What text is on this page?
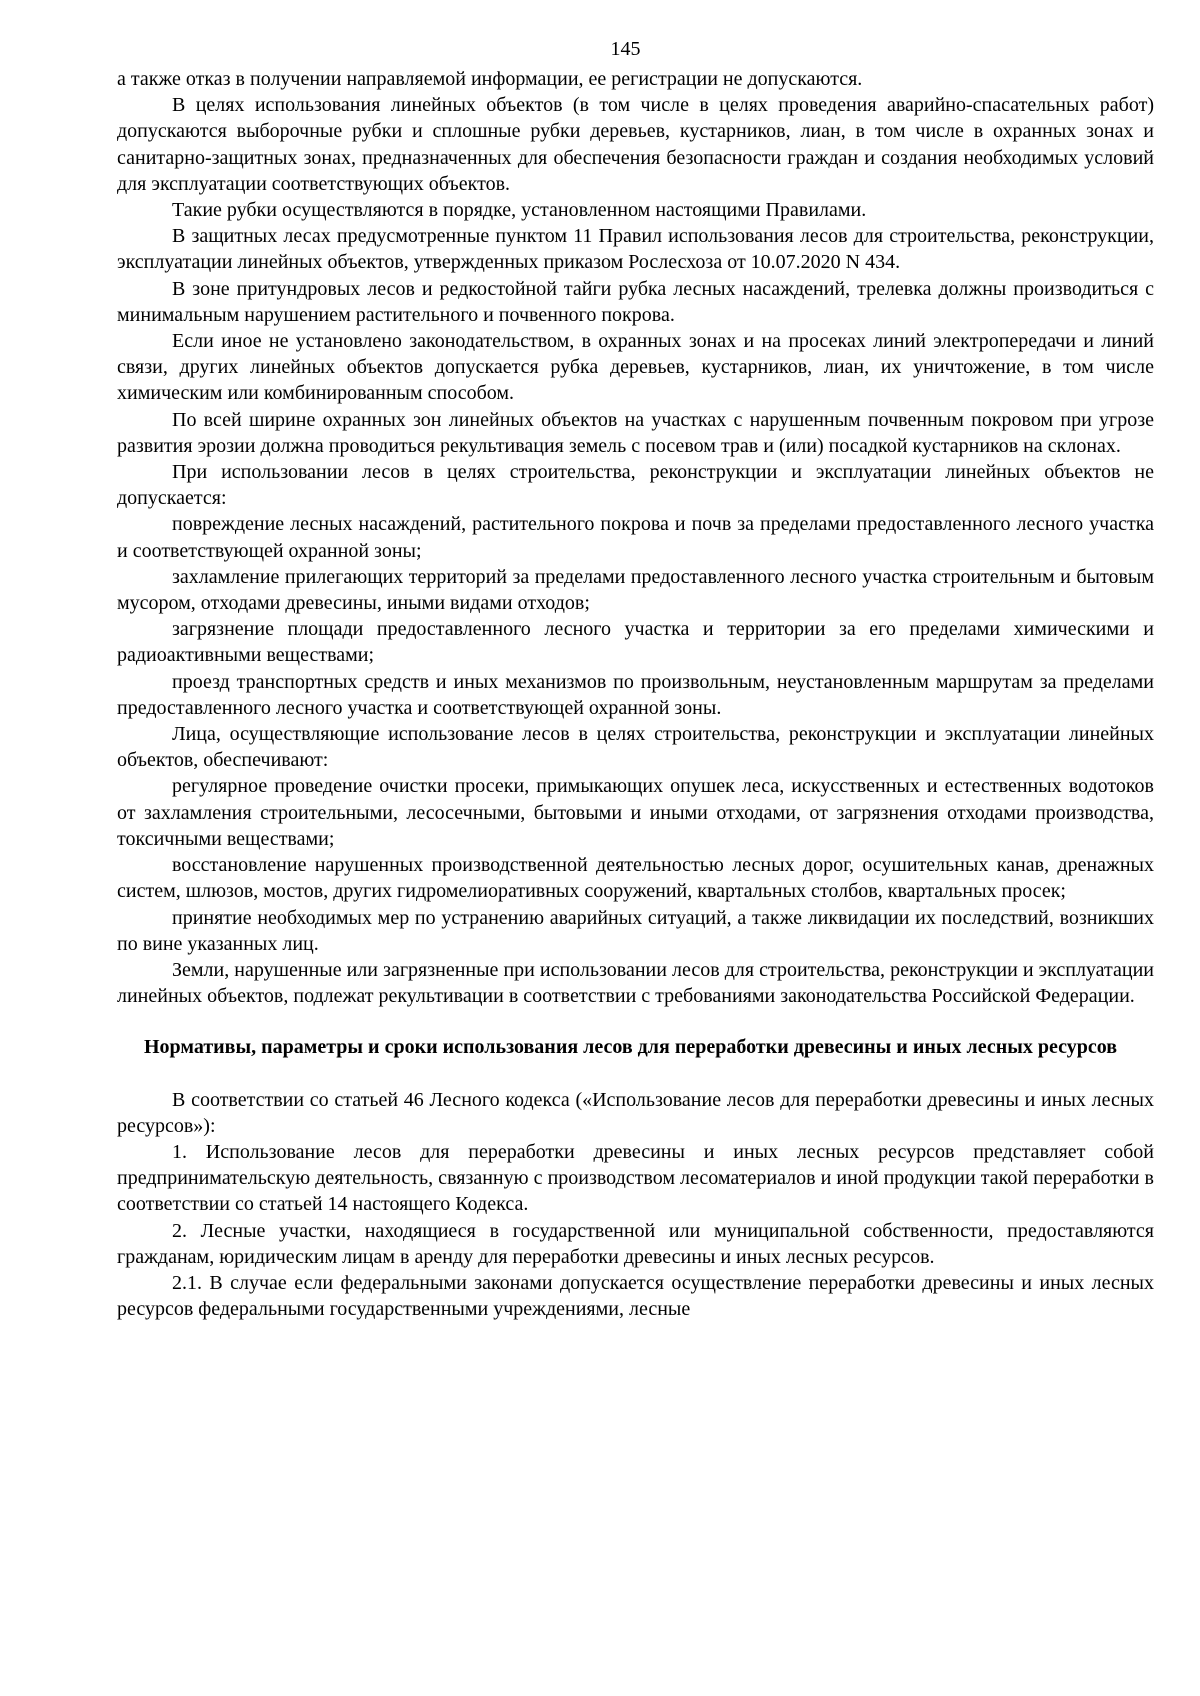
145

а также отказ в получении направляемой информации, ее регистрации не допускаются.

В целях использования линейных объектов (в том числе в целях проведения аварийно-спасательных работ) допускаются выборочные рубки и сплошные рубки деревьев, кустарников, лиан, в том числе в охранных зонах и санитарно-защитных зонах, предназначенных для обеспечения безопасности граждан и создания необходимых условий для эксплуатации соответствующих объектов.

Такие рубки осуществляются в порядке, установленном настоящими Правилами.

В защитных лесах предусмотренные пунктом 11 Правил использования лесов для строительства, реконструкции, эксплуатации линейных объектов, утвержденных приказом Рослесхоза от 10.07.2020 N 434.

В зоне притундровых лесов и редкостойной тайги рубка лесных насаждений, трелевка должны производиться с минимальным нарушением растительного и почвенного покрова.

Если иное не установлено законодательством, в охранных зонах и на просеках линий электропередачи и линий связи, других линейных объектов допускается рубка деревьев, кустарников, лиан, их уничтожение, в том числе химическим или комбинированным способом.

По всей ширине охранных зон линейных объектов на участках с нарушенным почвенным покровом при угрозе развития эрозии должна проводиться рекультивация земель с посевом трав и (или) посадкой кустарников на склонах.

При использовании лесов в целях строительства, реконструкции и эксплуатации линейных объектов не допускается:

повреждение лесных насаждений, растительного покрова и почв за пределами предоставленного лесного участка и соответствующей охранной зоны;

захламление прилегающих территорий за пределами предоставленного лесного участка строительным и бытовым мусором, отходами древесины, иными видами отходов;

загрязнение площади предоставленного лесного участка и территории за его пределами химическими и радиоактивными веществами;

проезд транспортных средств и иных механизмов по произвольным, неустановленным маршрутам за пределами предоставленного лесного участка и соответствующей охранной зоны.

Лица, осуществляющие использование лесов в целях строительства, реконструкции и эксплуатации линейных объектов, обеспечивают:

регулярное проведение очистки просеки, примыкающих опушек леса, искусственных и естественных водотоков от захламления строительными, лесосечными, бытовыми и иными отходами, от загрязнения отходами производства, токсичными веществами;

восстановление нарушенных производственной деятельностью лесных дорог, осушительных канав, дренажных систем, шлюзов, мостов, других гидромелиоративных сооружений, квартальных столбов, квартальных просек;

принятие необходимых мер по устранению аварийных ситуаций, а также ликвидации их последствий, возникших по вине указанных лиц.

Земли, нарушенные или загрязненные при использовании лесов для строительства, реконструкции и эксплуатации линейных объектов, подлежат рекультивации в соответствии с требованиями законодательства Российской Федерации.

Нормативы, параметры и сроки использования лесов для переработки древесины и иных лесных ресурсов

В соответствии со статьей 46 Лесного кодекса («Использование лесов для переработки древесины и иных лесных ресурсов»):

1. Использование лесов для переработки древесины и иных лесных ресурсов представляет собой предпринимательскую деятельность, связанную с производством лесоматериалов и иной продукции такой переработки в соответствии со статьей 14 настоящего Кодекса.

2. Лесные участки, находящиеся в государственной или муниципальной собственности, предоставляются гражданам, юридическим лицам в аренду для переработки древесины и иных лесных ресурсов.

2.1. В случае если федеральными законами допускается осуществление переработки древесины и иных лесных ресурсов федеральными государственными учреждениями, лесные
